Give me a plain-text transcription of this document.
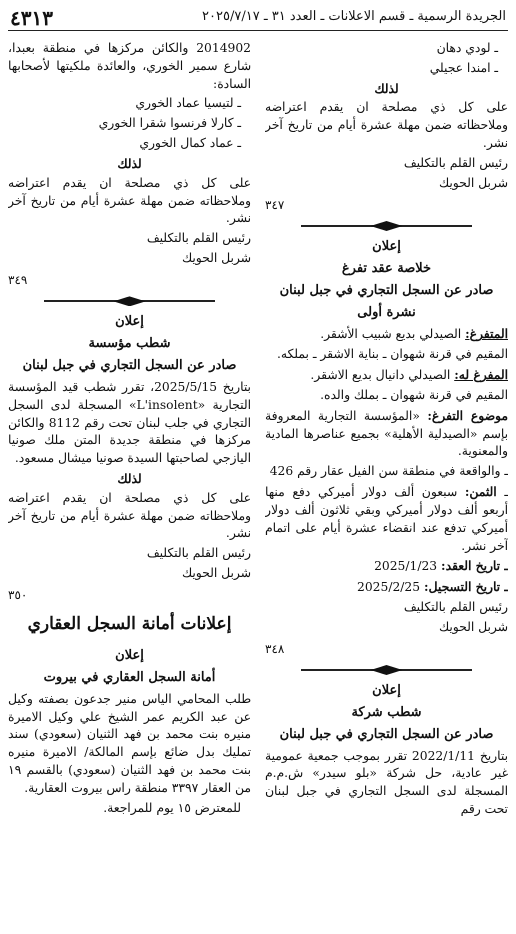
الجريدة الرسمية ـ قسم الاعلانات ـ العدد ٣١ ـ ٢٠٢٥/٧/١٧
٤٣١٣

ـ لودي دهان

ـ امندا عجيلي

لذلك

على كل ذي مصلحة ان يقدم اعتراضه وملاحظاته ضمن مهلة عشرة أيام من تاريخ آخر نشر.

رئيس القلم بالتكليف

شربل الحويك

٣٤٧

إعلان

خلاصة عقد تفرغ

صادر عن السجل التجاري في جبل لبنان

نشرة أولى

المتفرغ: الصيدلي بديع شبيب الأشقر.

المقيم في قرنة شهوان ـ بناية الاشقر ـ بملكه.

المفرغ له: الصيدلي دانيال بديع الاشقر.

المقيم في قرنة شهوان ـ بملك والده.

موضوع التفرغ: «المؤسسة التجارية المعروفة بإسم «الصيدلية الأهلية» بجميع عناصرها المادية والمعنوية.

ـ والواقعة في منطقة سن الفيل عقار رقم 426

ـ الثمن: سبعون ألف دولار أميركي دفع منها أربعو ألف دولار أميركي وبقي ثلاثون ألف دولار أميركي تدفع عند انقضاء عشرة أيام على اتمام آخر نشر.

ـ تاريخ العقد: 2025/1/23

ـ تاريخ التسجيل: 2025/2/25

رئيس القلم بالتكليف

شربل الحويك

٣٤٨

إعلان

شطب شركة

صادر عن السجل التجاري في جبل لبنان

بتاريخ 2022/1/11 تقرر بموجب جمعية عمومية غير عادية، حل شركة «بلو سيدر» ش.م.م المسجلة لدى السجل التجاري في جبل لبنان تحت رقم

2014902 والكائن مركزها في منطقة بعبدا، شارع سمير الخوري، والعائدة ملكيتها لأصحابها السادة:

ـ لتيسيا عماد الخوري

ـ كارلا فرنسوا شقرا الخوري

ـ عماد كمال الخوري

لذلك

على كل ذي مصلحة ان يقدم اعتراضه وملاحظاته ضمن مهلة عشرة أيام من تاريخ آخر نشر.

رئيس القلم بالتكليف

شربل الحويك

٣٤٩

إعلان

شطب مؤسسة

صادر عن السجل التجاري في جبل لبنان

بتاريخ 2025/5/15، تقرر شطب قيد المؤسسة التجارية «L'insolent» المسجلة لدى السجل التجاري في جلب لبنان تحت رقم 8112 والكائن مركزها في منطقة جديدة المتن ملك صونيا اليازجي لصاحبتها السيدة صونيا ميشال مسعود.

لذلك

على كل ذي مصلحة ان يقدم اعتراضه وملاحظاته ضمن مهلة عشرة أيام من تاريخ آخر نشر.

رئيس القلم بالتكليف

شربل الحويك

٣٥٠

إعلانات أمانة السجل العقاري

إعلان

أمانة السجل العقاري في بيروت

طلب المحامي الياس منير جدعون بصفته وكيل عن عبد الكريم عمر الشيخ علي وكيل الاميرة منيره بنت محمد بن فهد الثنيان (سعودي) سند تمليك بدل ضائع بإسم المالكة/ الاميرة منيره بنت محمد بن فهد الثنيان (سعودي) بالقسم ١٩ من العقار ٣٣٩٧ منطقة راس بيروت العقارية.

للمعترض ١٥ يوم للمراجعة.
